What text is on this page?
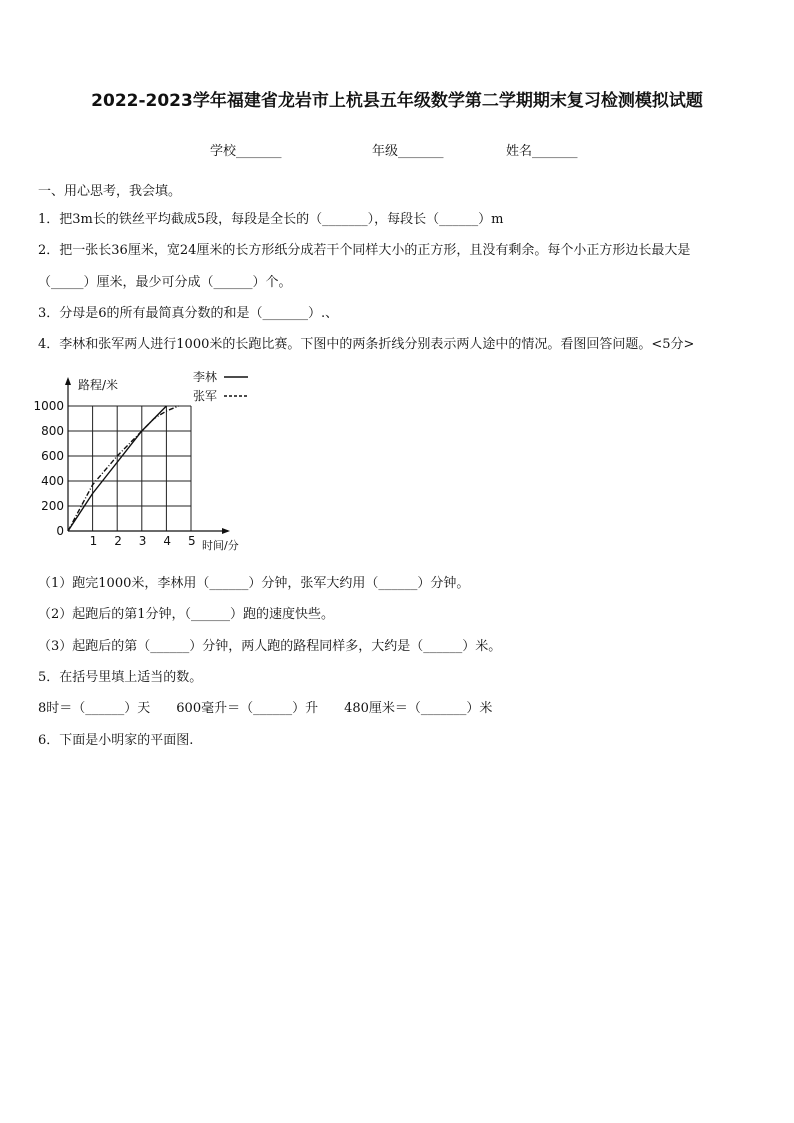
2022-2023学年福建省龙岩市上杭县五年级数学第二学期期末复习检测模拟试题
学校_______	年级_______	姓名_______
一、用心思考，我会填。
1．把3m长的铁丝平均截成5段，每段是全长的（_______），每段长（______）m
2．把一张长36厘米，宽24厘米的长方形纸分成若干个同样大小的正方形，且没有剩余。每个小正方形边长最大是
（_____）厘米，最少可分成（______）个。
3．分母是6的所有最简真分数的和是（_______）.、
4．李林和张军两人进行1000米的长跑比赛。下图中的两条折线分别表示两人途中的情况。看图回答问题。<5分>
路程/米
时间/分
1 2 3 4 5
0
200
400
600
800
1000
李林
张军
（1）跑完1000米，李林用（______）分钟，张军大约用（______）分钟。
（2）起跑后的第1分钟，（______）跑的速度快些。
（3）起跑后的第（______）分钟，两人跑的路程同样多，大约是（______）米。
5．在括号里填上适当的数。
8时＝（______）天　　600毫升＝（______）升　　480厘米＝（_______）米
6．下面是小明家的平面图.
